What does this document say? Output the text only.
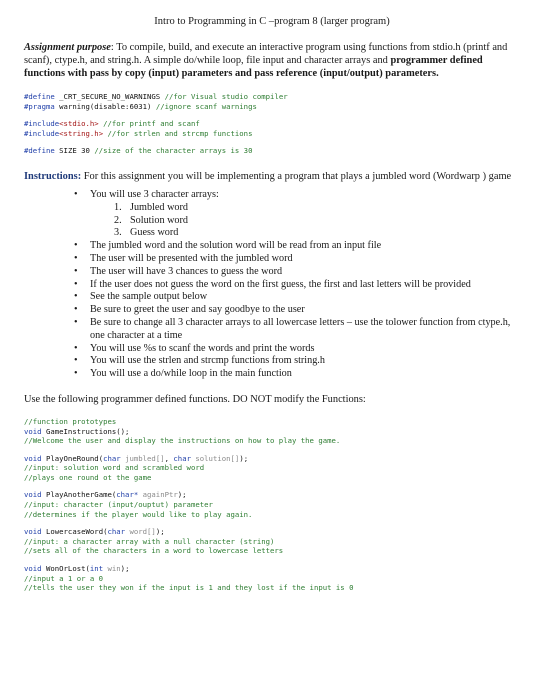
Intro to Programming in C –program 8 (larger program)

Assignment purpose: To compile, build, and execute an interactive program using functions from stdio.h (printf and scanf), ctype.h, and string.h. A simple do/while loop, file input and character arrays and programmer defined functions with pass by copy (input) parameters and pass reference (input/output) parameters.

#define _CRT_SECURE_NO_WARNINGS //for Visual studio compiler
#pragma warning(disable:6031) //ignore scanf warnings
#include<stdio.h> //for printf and scanf
#include<string.h> //for strlen and strcmp functions
#define SIZE 30 //size of the character arrays is 30

Instructions: For this assignment you will be implementing a program that plays a jumbled word (Wordwarp ) game

• You will use 3 character arrays:
1. Jumbled word
2. Solution word
3. Guess word
• The jumbled word and the solution word will be read from an input file
• The user will be presented with the jumbled word
• The user will have 3 chances to guess the word
• If the user does not guess the word on the first guess, the first and last letters will be provided
• See the sample output below
• Be sure to greet the user and say goodbye to the user
• Be sure to change all 3 character arrays to all lowercase letters – use the tolower function from ctype.h, one character at a time
• You will use %s to scanf the words and print the words
• You will use the strlen and strcmp functions from string.h
• You will use a do/while loop in the main function

Use the following programmer defined functions. DO NOT modify the Functions:

//function prototypes
void GameInstructions();
//Welcome the user and display the instructions on how to play the game.
void PlayOneRound(char jumbled[], char solution[]);
//input: solution word and scrambled word
//plays one round ot the game
void PlayAnotherGame(char* againPtr);
//input: character (input/ouptut) parameter
//determines if the player would like to play again.
void LowercaseWord(char word[]);
//input: a character array with a null character (string)
//sets all of the characters in a word to lowercase letters
void WonOrLost(int win);
//input a 1 or a 0
//tells the user they won if the input is 1 and they lost if the input is 0
